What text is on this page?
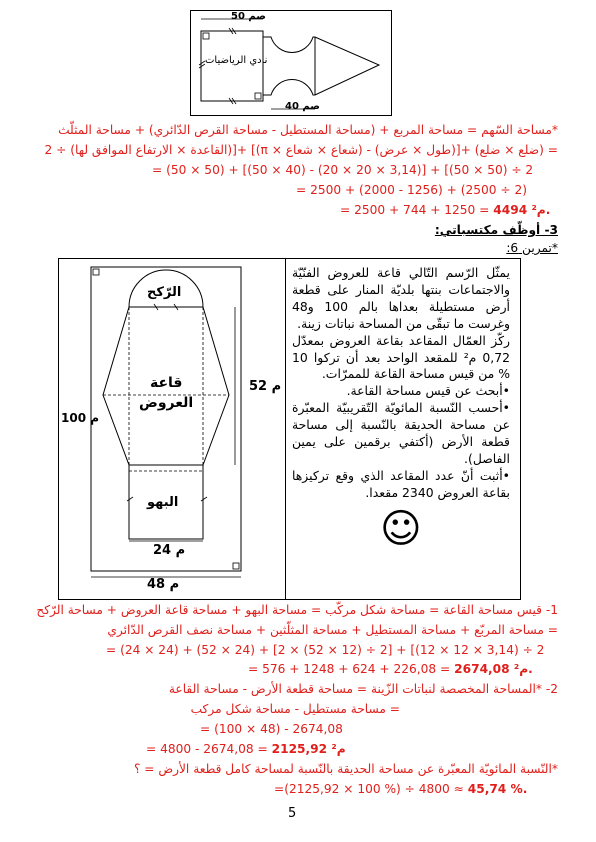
50 صم
40 صم
نادي الرياضيات
*مساحة السّهم = مساحة المربع + (مساحة المستطيل - مساحة القرص الدّائري) + مساحة المثلّث
= (ضلع × ضلع) +[(طول × عرض) - (شعاع × شعاع × π)] +[(القاعدة × الارتفاع الموافق لها) ÷ 2
= (50 × 50) + [(50 × 40) - (20 × 20 × 3,14)] + [(50 × 50) ÷ 2
= 2500 + (2000 - 1256) + (2500 ÷ 2)
= 2500 + 744 + 1250 = 4494 م².
3- أوظّف مكتسباتي:
*تمرين 6:
الرّكح
قاعة
العروض
البهو
52 م
100 م
24 م
48 م

يمثّل الرّسم التّالي قاعة للعروض الفنّيّة والاجتماعات بنتها بلديّة المنار على قطعة أرض مستطيلة بعداها بالم 100 و48 وغرست ما تبقّى من المساحة نباتات زينة.

ركّز العمّال المقاعد بقاعة العروض بمعدّل 0,72 م² للمقعد الواحد بعد أن تركوا 10 % من قيس مساحة القاعة للممرّات.

•أبحث عن قيس مساحة القاعة.

•أحسب النّسبة المائويّة التّقريبيّة المعبّرة عن مساحة الحديقة بالنّسبة إلى مساحة قطعة الأرض (أكتفي برقمين على يمين الفاصل).

•أثبت أنّ عدد المقاعد الذي وقع تركيزها بقاعة العروض 2340 مقعدا.

☺
1- قيس مساحة القاعة = مساحة شكل مركّب = مساحة البهو + مساحة قاعة العروض + مساحة الرّكح
= مساحة المربّع + مساحة المستطيل + مساحة المثلّثين + مساحة نصف القرص الدّائري
= (24 × 24) + (52 × 24) + [2 × (52 × 12) ÷ 2] + [(12 × 12 × 3,14) ÷ 2
= 576 + 1248 + 624 + 226,08 = 2674,08 م².
2- *المساحة المخصصة لنباتات الزّينة = مساحة قطعة الأرض - مساحة القاعة
= مساحة مستطيل - مساحة شكل مركب
= (100 × 48) - 2674,08
= 4800 - 2674,08 = 2125,92 م²
*النّسبة المائويّة المعبّرة عن مساحة الحديقة بالنّسبة لمساحة كامل قطعة الأرض = ؟
=(2125,92 × 100 %) ÷ 4800 ≈ 45,74 %.
5
